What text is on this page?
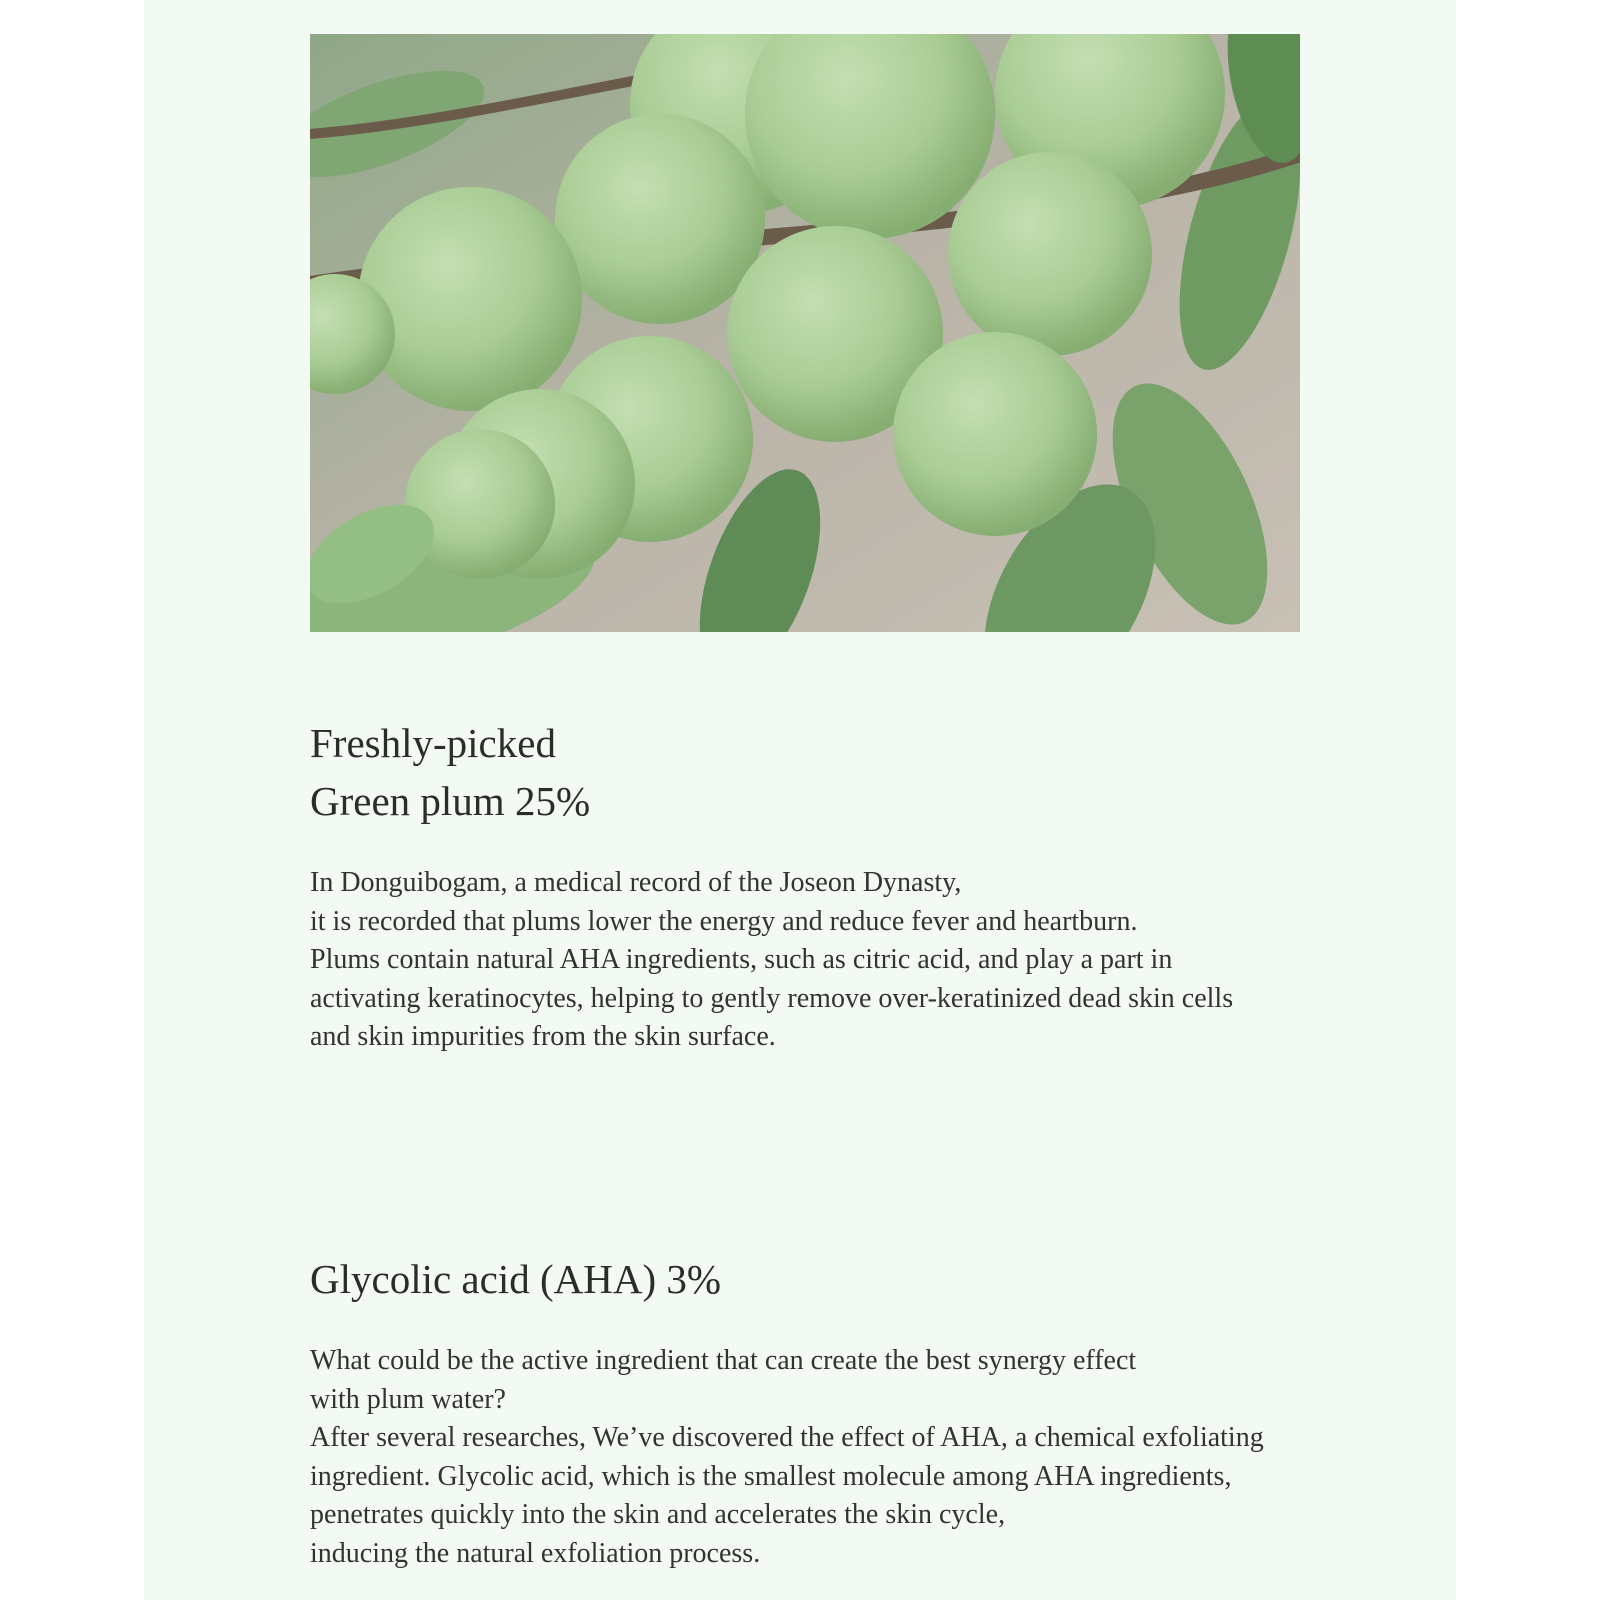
Freshly-picked
Green plum 25%

In Donguibogam, a medical record of the Joseon Dynasty,
it is recorded that plums lower the energy and reduce fever and heartburn.
Plums contain natural AHA ingredients, such as citric acid, and play a part in
activating keratinocytes, helping to gently remove over-keratinized dead skin cells
and skin impurities from the skin surface.

Glycolic acid (AHA) 3%

What could be the active ingredient that can create the best synergy effect
with plum water?
After several researches, We’ve discovered the effect of AHA, a chemical exfoliating
ingredient. Glycolic acid, which is the smallest molecule among AHA ingredients,
penetrates quickly into the skin and accelerates the skin cycle,
inducing the natural exfoliation process.
